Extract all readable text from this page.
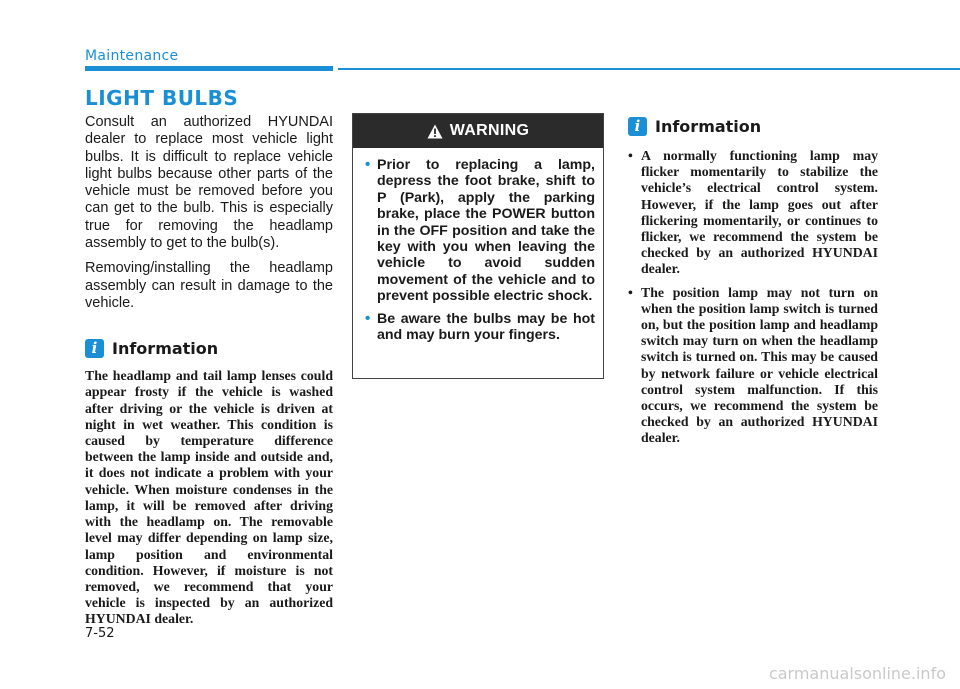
Maintenance
LIGHT BULBS

Consult an authorized HYUNDAI dealer to replace most vehicle light bulbs. It is difficult to replace vehicle light bulbs because other parts of the vehicle must be removed before you can get to the bulb. This is especially true for removing the headlamp assembly to get to the bulb(s).

Removing/installing the headlamp assembly can result in damage to the vehicle.

i Information

The headlamp and tail lamp lenses could appear frosty if the vehicle is washed after driving or the vehicle is driven at night in wet weather. This condition is caused by temperature difference between the lamp inside and outside and, it does not indicate a problem with your vehicle. When moisture condenses in the lamp, it will be removed after driving with the headlamp on. The removable level may differ depending on lamp size, lamp position and environmental condition. However, if moisture is not removed, we recommend that your vehicle is inspected by an authorized HYUNDAI dealer.

WARNING
• Prior to replacing a lamp, depress the foot brake, shift to P (Park), apply the parking brake, place the POWER button in the OFF position and take the key with you when leaving the vehicle to avoid sudden movement of the vehicle and to prevent possible electric shock.
• Be aware the bulbs may be hot and may burn your fingers.
i Information
• A normally functioning lamp may flicker momentarily to stabilize the vehicle’s electrical control system. However, if the lamp goes out after flickering momentarily, or continues to flicker, we recommend the system be checked by an authorized HYUNDAI dealer.

• The position lamp may not turn on when the position lamp switch is turned on, but the position lamp and headlamp switch may turn on when the headlamp switch is turned on. This may be caused by network failure or vehicle electrical control system malfunction. If this occurs, we recommend the system be checked by an authorized HYUNDAI dealer.

7-52
carmanualsonline.info
